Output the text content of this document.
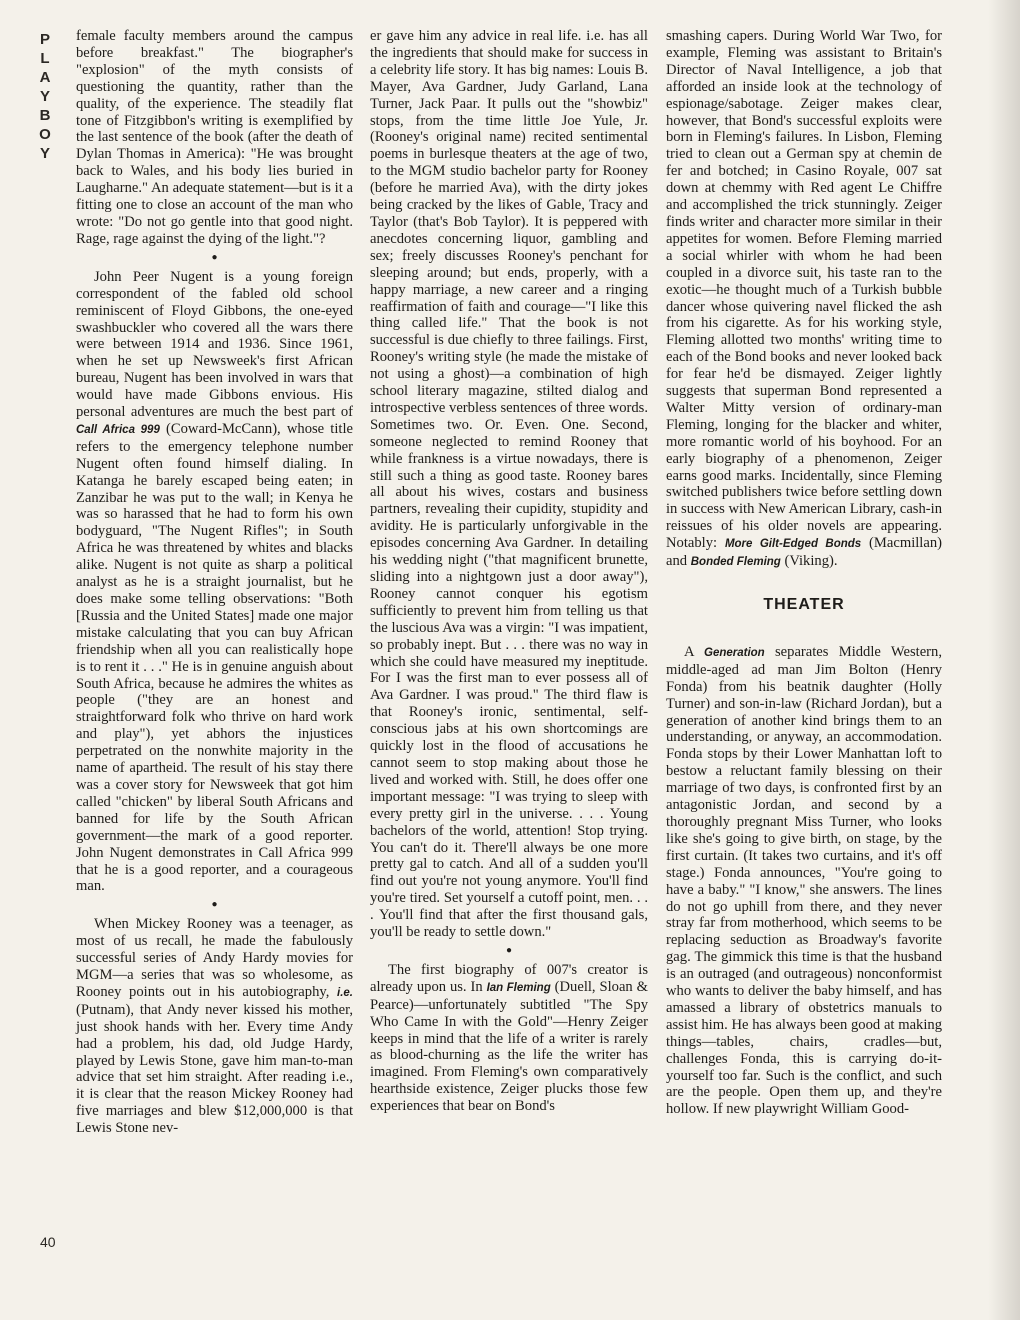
P
L
A
Y
B
O
Y
40

female faculty members around the campus before breakfast." The biographer's "explosion" of the myth consists of questioning the quantity, rather than the quality, of the experience. The steadily flat tone of Fitzgibbon's writing is exemplified by the last sentence of the book (after the death of Dylan Thomas in America): "He was brought back to Wales, and his body lies buried in Laugharne." An adequate statement—but is it a fitting one to close an account of the man who wrote: "Do not go gentle into that good night. Rage, rage against the dying of the light."?

●

John Peer Nugent is a young foreign correspondent of the fabled old school reminiscent of Floyd Gibbons, the one-eyed swashbuckler who covered all the wars there were between 1914 and 1936. Since 1961, when he set up Newsweek's first African bureau, Nugent has been involved in wars that would have made Gibbons envious. His personal adventures are much the best part of Call Africa 999 (Coward-McCann), whose title refers to the emergency telephone number Nugent often found himself dialing. In Katanga he barely escaped being eaten; in Zanzibar he was put to the wall; in Kenya he was so harassed that he had to form his own bodyguard, "The Nugent Rifles"; in South Africa he was threatened by whites and blacks alike. Nugent is not quite as sharp a political analyst as he is a straight journalist, but he does make some telling observations: "Both [Russia and the United States] made one major mistake calculating that you can buy African friendship when all you can realistically hope is to rent it . . ." He is in genuine anguish about South Africa, because he admires the whites as people ("they are an honest and straightforward folk who thrive on hard work and play"), yet abhors the injustices perpetrated on the nonwhite majority in the name of apartheid. The result of his stay there was a cover story for Newsweek that got him called "chicken" by liberal South Africans and banned for life by the South African government—the mark of a good reporter. John Nugent demonstrates in Call Africa 999 that he is a good reporter, and a courageous man.

●

When Mickey Rooney was a teenager, as most of us recall, he made the fabulously successful series of Andy Hardy movies for MGM—a series that was so wholesome, as Rooney points out in his autobiography, i.e. (Putnam), that Andy never kissed his mother, just shook hands with her. Every time Andy had a problem, his dad, old Judge Hardy, played by Lewis Stone, gave him man-to-man advice that set him straight. After reading i.e., it is clear that the reason Mickey Rooney had five marriages and blew $12,000,000 is that Lewis Stone nev-

er gave him any advice in real life. i.e. has all the ingredients that should make for success in a celebrity life story. It has big names: Louis B. Mayer, Ava Gardner, Judy Garland, Lana Turner, Jack Paar. It pulls out the "showbiz" stops, from the time little Joe Yule, Jr. (Rooney's original name) recited sentimental poems in burlesque theaters at the age of two, to the MGM studio bachelor party for Rooney (before he married Ava), with the dirty jokes being cracked by the likes of Gable, Tracy and Taylor (that's Bob Taylor). It is peppered with anecdotes concerning liquor, gambling and sex; freely discusses Rooney's penchant for sleeping around; but ends, properly, with a happy marriage, a new career and a ringing reaffirmation of faith and courage—"I like this thing called life." That the book is not successful is due chiefly to three failings. First, Rooney's writing style (he made the mistake of not using a ghost)—a combination of high school literary magazine, stilted dialog and introspective verbless sentences of three words. Sometimes two. Or. Even. One. Second, someone neglected to remind Rooney that while frankness is a virtue nowadays, there is still such a thing as good taste. Rooney bares all about his wives, costars and business partners, revealing their cupidity, stupidity and avidity. He is particularly unforgivable in the episodes concerning Ava Gardner. In detailing his wedding night ("that magnificent brunette, sliding into a nightgown just a door away"), Rooney cannot conquer his egotism sufficiently to prevent him from telling us that the luscious Ava was a virgin: "I was impatient, so probably inept. But . . . there was no way in which she could have measured my ineptitude. For I was the first man to ever possess all of Ava Gardner. I was proud." The third flaw is that Rooney's ironic, sentimental, self-conscious jabs at his own shortcomings are quickly lost in the flood of accusations he cannot seem to stop making about those he lived and worked with. Still, he does offer one important message: "I was trying to sleep with every pretty girl in the universe. . . . Young bachelors of the world, attention! Stop trying. You can't do it. There'll always be one more pretty gal to catch. And all of a sudden you'll find out you're not young anymore. You'll find you're tired. Set yourself a cutoff point, men. . . . You'll find that after the first thousand gals, you'll be ready to settle down."

●

The first biography of 007's creator is already upon us. In Ian Fleming (Duell, Sloan & Pearce)—unfortunately subtitled "The Spy Who Came In with the Gold"—Henry Zeiger keeps in mind that the life of a writer is rarely as blood-churning as the life the writer has imagined. From Fleming's own comparatively hearthside existence, Zeiger plucks those few experiences that bear on Bond's

smashing capers. During World War Two, for example, Fleming was assistant to Britain's Director of Naval Intelligence, a job that afforded an inside look at the technology of espionage/sabotage. Zeiger makes clear, however, that Bond's successful exploits were born in Fleming's failures. In Lisbon, Fleming tried to clean out a German spy at chemin de fer and botched; in Casino Royale, 007 sat down at chemmy with Red agent Le Chiffre and accomplished the trick stunningly. Zeiger finds writer and character more similar in their appetites for women. Before Fleming married a social whirler with whom he had been coupled in a divorce suit, his taste ran to the exotic—he thought much of a Turkish bubble dancer whose quivering navel flicked the ash from his cigarette. As for his working style, Fleming allotted two months' writing time to each of the Bond books and never looked back for fear he'd be dismayed. Zeiger lightly suggests that superman Bond represented a Walter Mitty version of ordinary-man Fleming, longing for the blacker and whiter, more romantic world of his boyhood. For an early biography of a phenomenon, Zeiger earns good marks. Incidentally, since Fleming switched publishers twice before settling down in success with New American Library, cash-in reissues of his older novels are appearing. Notably: More Gilt-Edged Bonds (Macmillan) and Bonded Fleming (Viking).

THEATER

A Generation separates Middle Western, middle-aged ad man Jim Bolton (Henry Fonda) from his beatnik daughter (Holly Turner) and son-in-law (Richard Jordan), but a generation of another kind brings them to an understanding, or anyway, an accommodation. Fonda stops by their Lower Manhattan loft to bestow a reluctant family blessing on their marriage of two days, is confronted first by an antagonistic Jordan, and second by a thoroughly pregnant Miss Turner, who looks like she's going to give birth, on stage, by the first curtain. (It takes two curtains, and it's off stage.) Fonda announces, "You're going to have a baby." "I know," she answers. The lines do not go uphill from there, and they never stray far from motherhood, which seems to be replacing seduction as Broadway's favorite gag. The gimmick this time is that the husband is an outraged (and outrageous) nonconformist who wants to deliver the baby himself, and has amassed a library of obstetrics manuals to assist him. He has always been good at making things—tables, chairs, cradles—but, challenges Fonda, this is carrying do-it-yourself too far. Such is the conflict, and such are the people. Open them up, and they're hollow. If new playwright William Good-
